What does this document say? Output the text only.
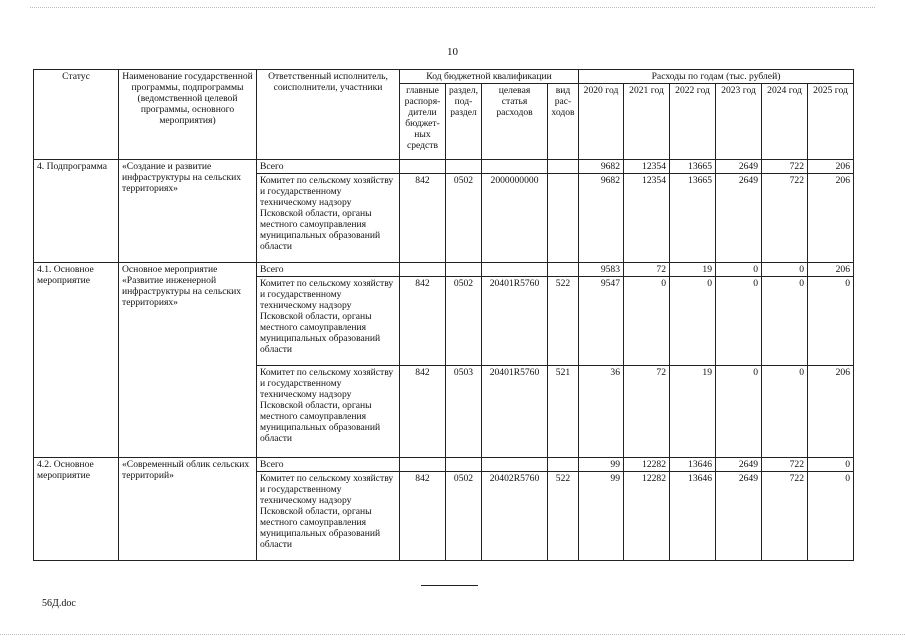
10
Статус	Наименование государственной программы, подпрограммы (ведомственной целевой программы, основного мероприятия)	Ответственный исполнитель, соисполнители, участники	Код бюджетной квалификации				Расходы по годам (тыс. рублей)					
			главные распоря-дители бюджет-ных средств	раздел, под-раздел	целевая статья расходов	вид рас-ходов	2020 год	2021 год	2022 год	2023 год	2024 год	2025 год
4. Подпрограмма	«Создание и развитие инфраструктуры на сельских территориях»	Всего					9682	12354	13665	2649	722	206
		Комитет по сельскому хозяйству и государственному техническому надзору Псковской области, органы местного самоуправления муниципальных образований области	842	0502	2000000000		9682	12354	13665	2649	722	206
4.1. Основное мероприятие	Основное мероприятие «Развитие инженерной инфраструктуры на сельских территориях»	Всего					9583	72	19	0	0	206
		Комитет по сельскому хозяйству и государственному техническому надзору Псковской области, органы местного самоуправления муниципальных образований области	842	0502	20401R5760	522	9547	0	0	0	0	0
		Комитет по сельскому хозяйству и государственному техническому надзору Псковской области, органы местного самоуправления муниципальных образований области	842	0503	20401R5760	521	36	72	19	0	0	206
4.2. Основное мероприятие	«Современный облик сельских территорий»	Всего					99	12282	13646	2649	722	0
		Комитет по сельскому хозяйству и государственному техническому надзору Псковской области, органы местного самоуправления муниципальных образований области	842	0502	20402R5760	522	99	12282	13646	2649	722	0
56Д.doc
